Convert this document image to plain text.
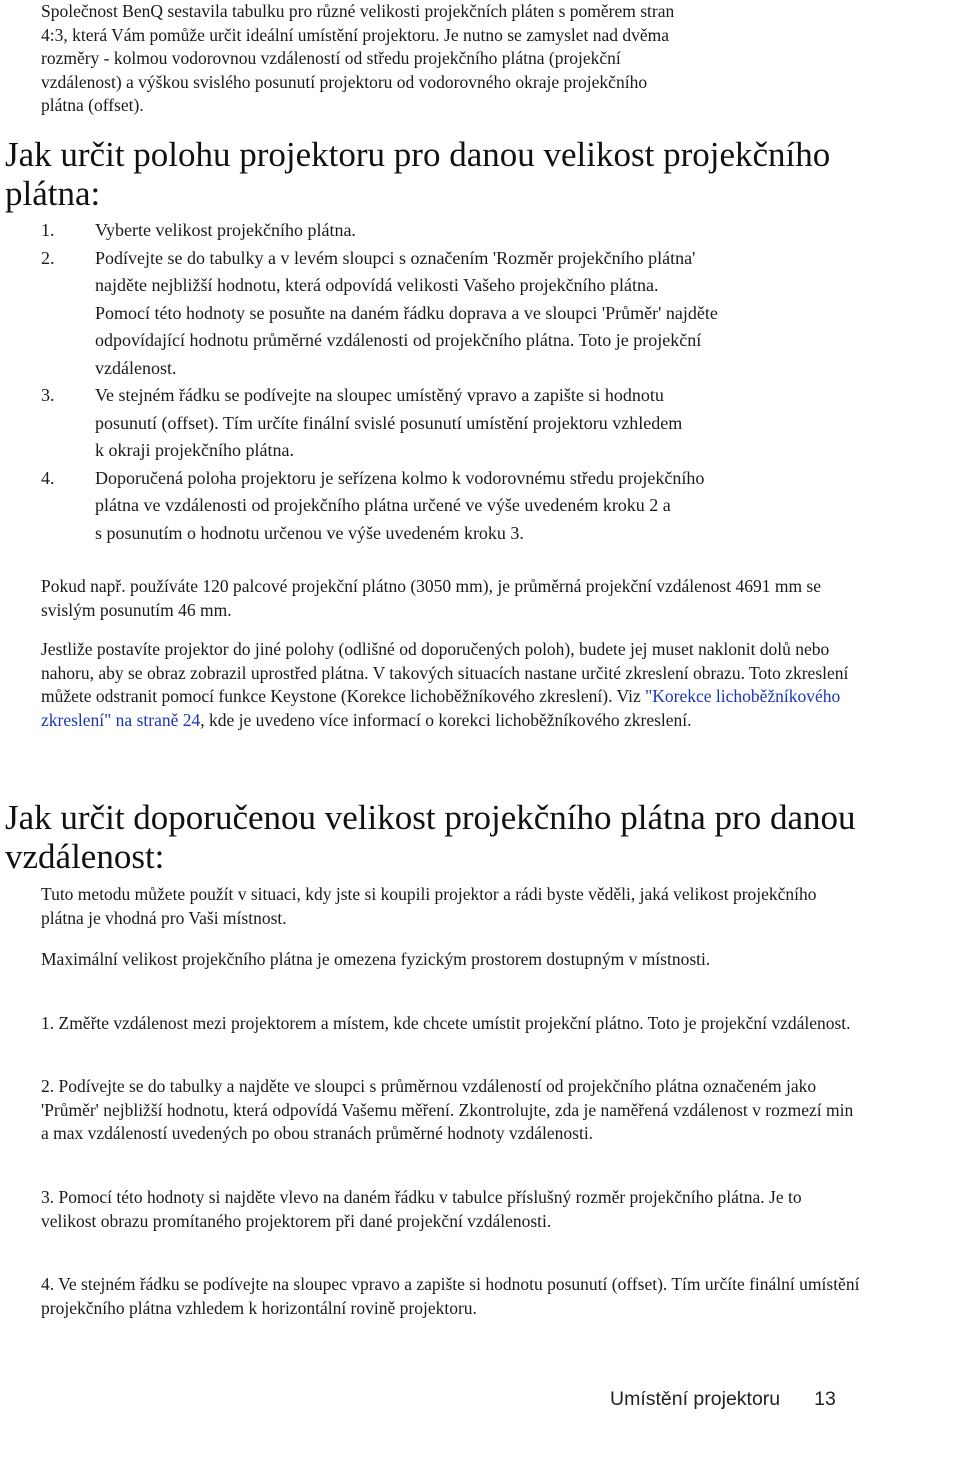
Společnost BenQ sestavila tabulku pro různé velikosti projekčních pláten s poměrem stran

4:3, která Vám pomůže určit ideální umístění projektoru. Je nutno se zamyslet nad dvěma

rozměry - kolmou vodorovnou vzdáleností od středu projekčního plátna (projekční

vzdálenost) a výškou svislého posunutí projektoru od vodorovného okraje projekčního

plátna (offset).

Jak určit polohu projektoru pro danou velikost projekčního plátna:
1.	Vyberte velikost projekčního plátna.
2.	Podívejte se do tabulky a v levém sloupci s označením 'Rozměr projekčního plátna'
najděte nejbližší hodnotu, která odpovídá velikosti Vašeho projekčního plátna.
Pomocí této hodnoty se posuňte na daném řádku doprava a ve sloupci 'Průměr' najděte
odpovídající hodnotu průměrné vzdálenosti od projekčního plátna. Toto je projekční
vzdálenost.
3.	Ve stejném řádku se podívejte na sloupec umístěný vpravo a zapište si hodnotu
posunutí (offset). Tím určíte finální svislé posunutí umístění projektoru vzhledem
k okraji projekčního plátna.
4.	Doporučená poloha projektoru je seřízena kolmo k vodorovnému středu projekčního
plátna ve vzdálenosti od projekčního plátna určené ve výše uvedeném kroku 2 a
s posunutím o hodnotu určenou ve výše uvedeném kroku 3.

Pokud např. používáte 120 palcové projekční plátno (3050 mm), je průměrná projekční vzdálenost 4691 mm se svislým posunutím 46 mm.

Jestliže postavíte projektor do jiné polohy (odlišné od doporučených poloh), budete jej muset naklonit dolů nebo nahoru, aby se obraz zobrazil uprostřed plátna. V takových situacích nastane určité zkreslení obrazu. Toto zkreslení můžete odstranit pomocí funkce Keystone (Korekce lichoběžníkového zkreslení). Viz "Korekce lichoběžníkového zkreslení" na straně 24, kde je uvedeno více informací o korekci lichoběžníkového zkreslení.

Jak určit doporučenou velikost projekčního plátna pro danou vzdálenost:

Tuto metodu můžete použít v situaci, kdy jste si koupili projektor a rádi byste věděli, jaká velikost projekčního plátna je vhodná pro Vaši místnost.

Maximální velikost projekčního plátna je omezena fyzickým prostorem dostupným v místnosti.

1. Změřte vzdálenost mezi projektorem a místem, kde chcete umístit projekční plátno. Toto je projekční vzdálenost.

2. Podívejte se do tabulky a najděte ve sloupci s průměrnou vzdáleností od projekčního plátna označeném jako 'Průměr' nejbližší hodnotu, která odpovídá Vašemu měření. Zkontrolujte, zda je naměřená vzdálenost v rozmezí min a max vzdáleností uvedených po obou stranách průměrné hodnoty vzdálenosti.

3. Pomocí této hodnoty si najděte vlevo na daném řádku v tabulce příslušný rozměr projekčního plátna. Je to velikost obrazu promítaného projektorem při dané projekční vzdálenosti.

4. Ve stejném řádku se podívejte na sloupec vpravo a zapište si hodnotu posunutí (offset). Tím určíte finální umístění projekčního plátna vzhledem k horizontální rovině projektoru.

Umístění projektoru 13
